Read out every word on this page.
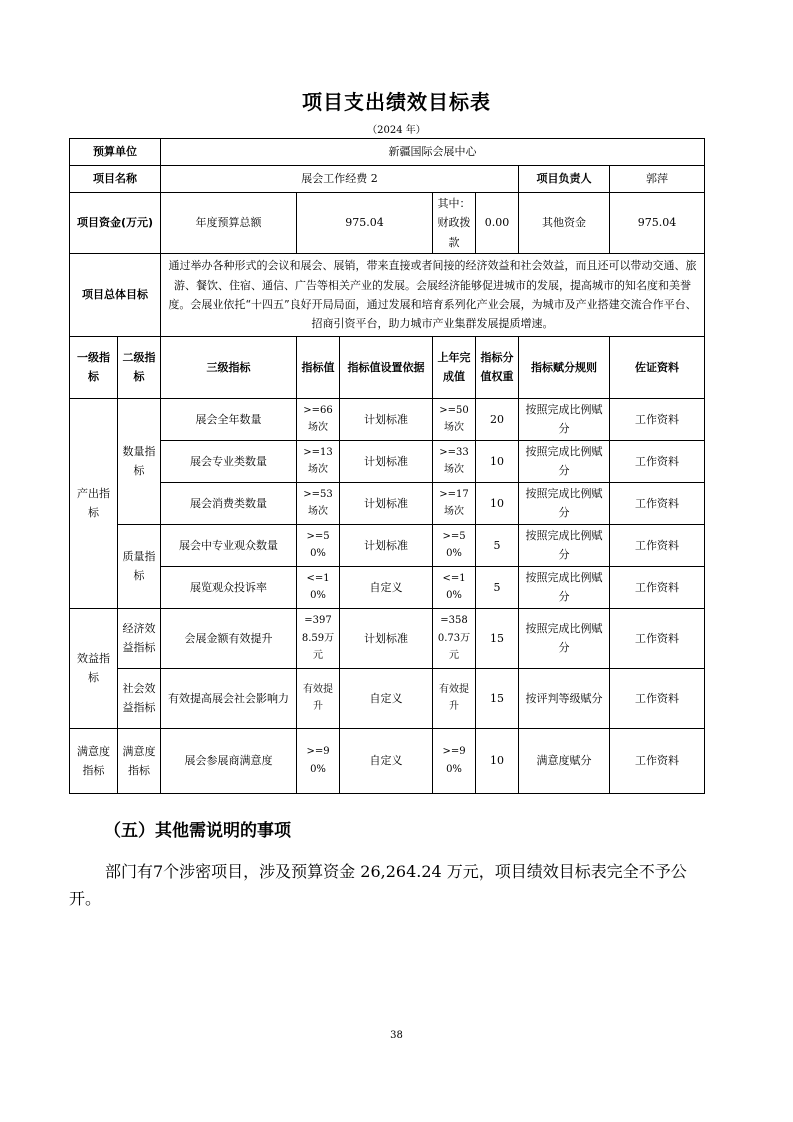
项目支出绩效目标表
（2024 年）
预算单位		新疆国际会展中心						
项目名称		展会工作经费 2					项目负责人	郭萍
项目资金(万元)		年度预算总额	975.04		其中：财政拨款	0.00	其他资金	975.04
项目总体目标		通过举办各种形式的会议和展会、展销，带来直接或者间接的经济效益和社会效益，而且还可以带动交通、旅游、餐饮、住宿、通信、广告等相关产业的发展。会展经济能够促进城市的发展，提高城市的知名度和美誉度。会展业依托“十四五”良好开局局面，通过发展和培育系列化产业会展，为城市及产业搭建交流合作平台、招商引资平台，助力城市产业集群发展提质增速。						
一级指标	二级指标	三级指标	指标值	指标值设置依据	上年完成值	指标分值权重	指标赋分规则	佐证资料
产出指标	数量指标	展会全年数量	>=66场次	计划标准	>=50场次	20	按照完成比例赋分	工作资料
		展会专业类数量	>=13场次	计划标准	>=33场次	10	按照完成比例赋分	工作资料
		展会消费类数量	>=53场次	计划标准	>=17场次	10	按照完成比例赋分	工作资料
	质量指标	展会中专业观众数量	>=50%	计划标准	>=50%	5	按照完成比例赋分	工作资料
		展览观众投诉率	<=10%	自定义	<=10%	5	按照完成比例赋分	工作资料
效益指标	经济效益指标	会展金额有效提升	=3978.59万元	计划标准	=3580.73万元	15	按照完成比例赋分	工作资料
	社会效益指标	有效提高展会社会影响力	有效提升	自定义	有效提升	15	按评判等级赋分	工作资料
满意度指标	满意度指标	展会参展商满意度	>=90%	自定义	>=90%	10	满意度赋分	工作资料
（五）其他需说明的事项
部门有7个涉密项目，涉及预算资金 26,264.24 万元，项目绩效目标表完全不予公开。
38
